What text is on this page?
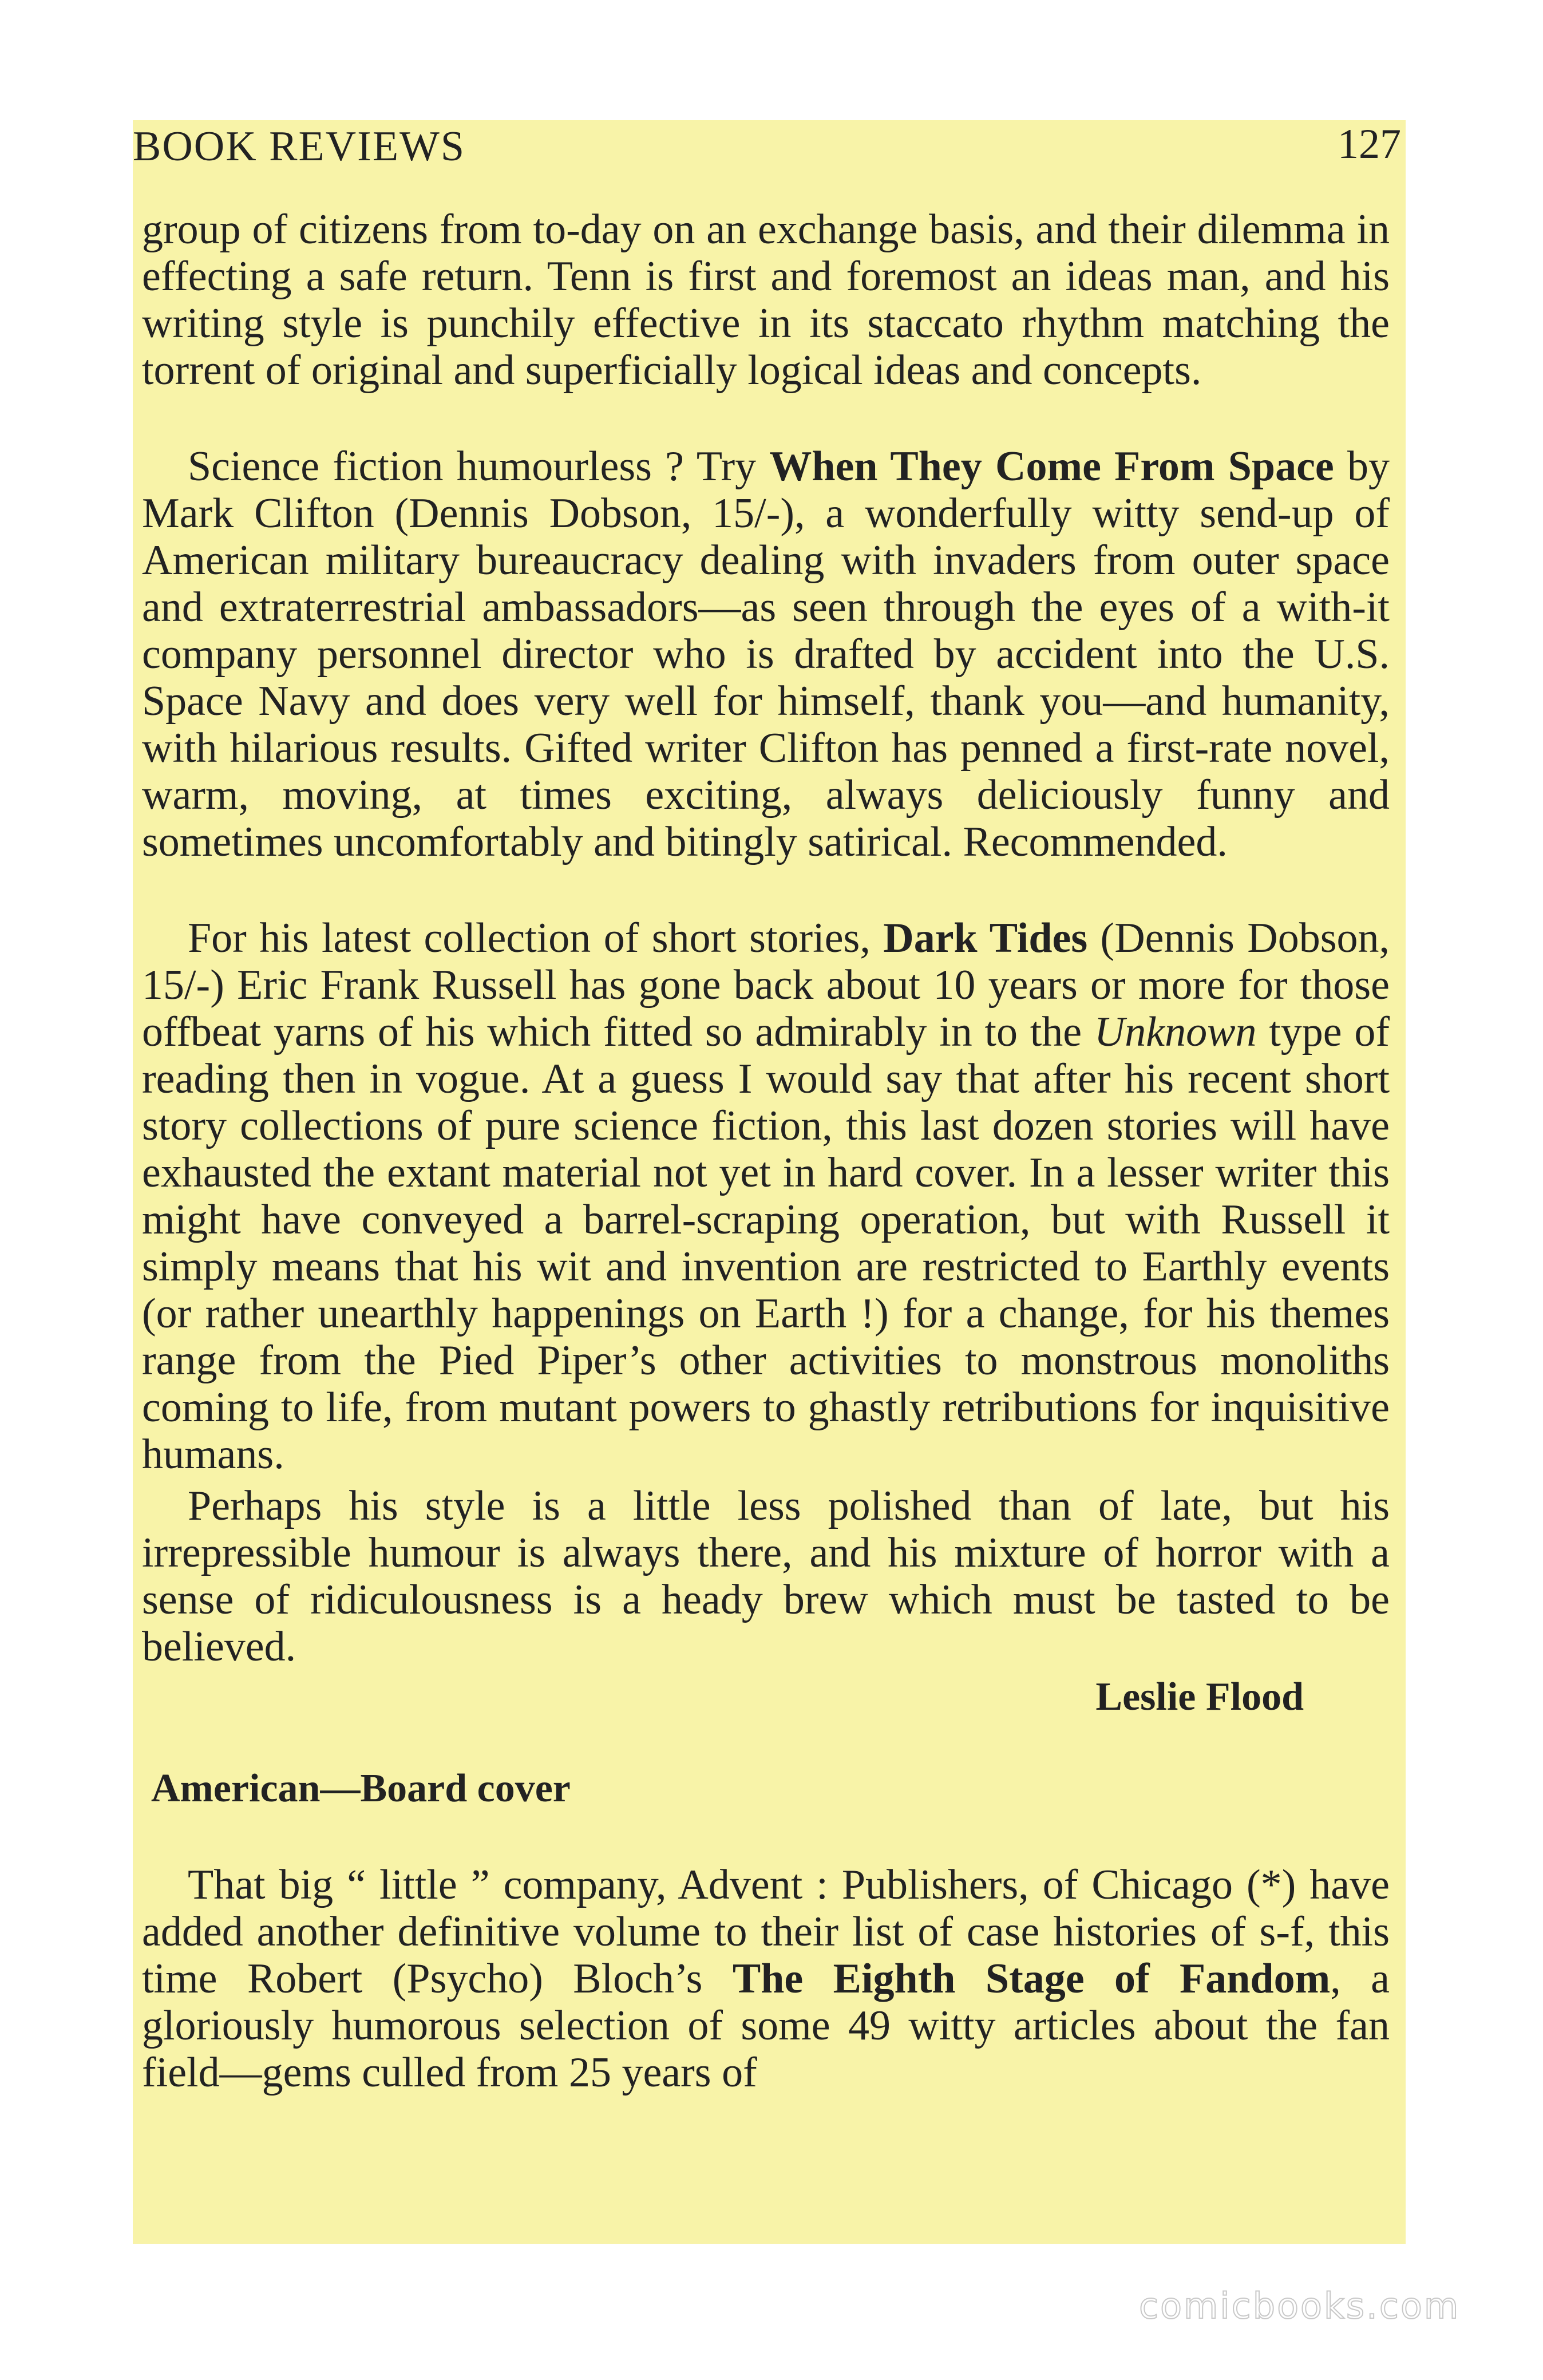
BOOK REVIEWS	127

group of citizens from to-day on an exchange basis, and their dilemma in effecting a safe return. Tenn is first and foremost an ideas man, and his writing style is punchily effective in its staccato rhythm matching the torrent of original and superficially logical ideas and concepts.

Science fiction humourless ? Try When They Come From Space by Mark Clifton (Dennis Dobson, 15/-), a wonderfully witty send-up of American military bureaucracy dealing with invaders from outer space and extraterrestrial ambassadors—as seen through the eyes of a with-it company personnel director who is drafted by accident into the U.S. Space Navy and does very well for himself, thank you—and humanity, with hilarious results. Gifted writer Clifton has penned a first-rate novel, warm, moving, at times exciting, always deliciously funny and sometimes uncomfortably and bitingly satirical. Recommended.

For his latest collection of short stories, Dark Tides (Dennis Dobson, 15/-) Eric Frank Russell has gone back about 10 years or more for those offbeat yarns of his which fitted so admirably in to the Unknown type of reading then in vogue. At a guess I would say that after his recent short story collections of pure science fiction, this last dozen stories will have exhausted the extant material not yet in hard cover. In a lesser writer this might have conveyed a barrel-scraping operation, but with Russell it simply means that his wit and invention are restricted to Earthly events (or rather unearthly happenings on Earth !) for a change, for his themes range from the Pied Piper’s other activities to monstrous monoliths coming to life, from mutant powers to ghastly retributions for inquisitive humans.

Perhaps his style is a little less polished than of late, but his irrepressible humour is always there, and his mixture of horror with a sense of ridiculousness is a heady brew which must be tasted to be believed.

Leslie Flood
American—Board cover

That big “ little ” company, Advent : Publishers, of Chicago (*) have added another definitive volume to their list of case histories of s-f, this time Robert (Psycho) Bloch’s The Eighth Stage of Fandom, a gloriously humorous selection of some 49 witty articles about the fan field—gems culled from 25 years of

comicbooks.com
